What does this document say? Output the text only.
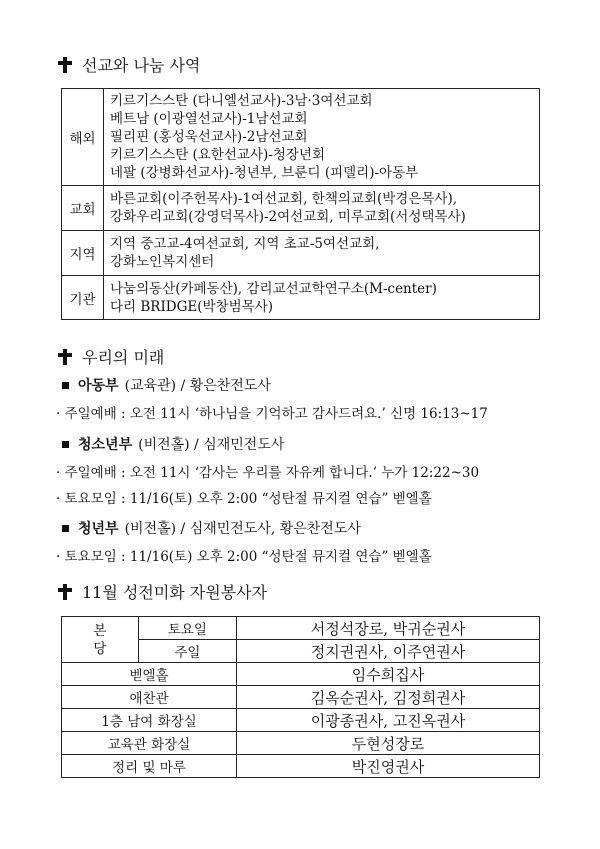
선교와 나눔 사역
해외	키르기스스탄 (다니엘선교사)-3남·3여선교회
베트남 (이광열선교사)-1남선교회
필리핀 (홍성욱선교사)-2남선교회
키르기스스탄 (요한선교사)-청장년회
네팔 (강병화선교사)-청년부, 브룬디 (피델리)-아동부

교회	바른교회(이주헌목사)-1여선교회, 한책의교회(박경은목사),
강화우리교회(강영덕목사)-2여선교회, 미루교회(서성택목사)

지역	지역 중고교-4여선교회, 지역 초교-5여선교회,
강화노인복지센터

기관	나눔의동산(카페동산), 감리교선교학연구소(M-center)
다리 BRIDGE(박창범목사)
우리의 미래
아동부 (교육관) / 황은찬전도사
· 주일예배 : 오전 11시 ‘하나님을 기억하고 감사드려요.’ 신명 16:13~17
청소년부 (비전홀) / 심재민전도사
· 주일예배 : 오전 11시 ‘감사는 우리를 자유케 합니다.’ 누가 12:22~30
· 토요모임 : 11/16(토) 오후 2:00 “성탄절 뮤지컬 연습” 벧엘홀
청년부 (비전홀) / 심재민전도사, 황은찬전도사
· 토요모임 : 11/16(토) 오후 2:00 “성탄절 뮤지컬 연습” 벧엘홀
11월 성전미화 자원봉사자
본
당	토요일	서정석장로, 박귀순권사
	주일	정지권권사, 이주연권사
벧엘홀		임수희집사
애찬관		김옥순권사, 김정희권사
1층 남여 화장실		이광종권사, 고진옥권사
교육관 화장실		두현성장로
정리 및 마루		박진영권사
